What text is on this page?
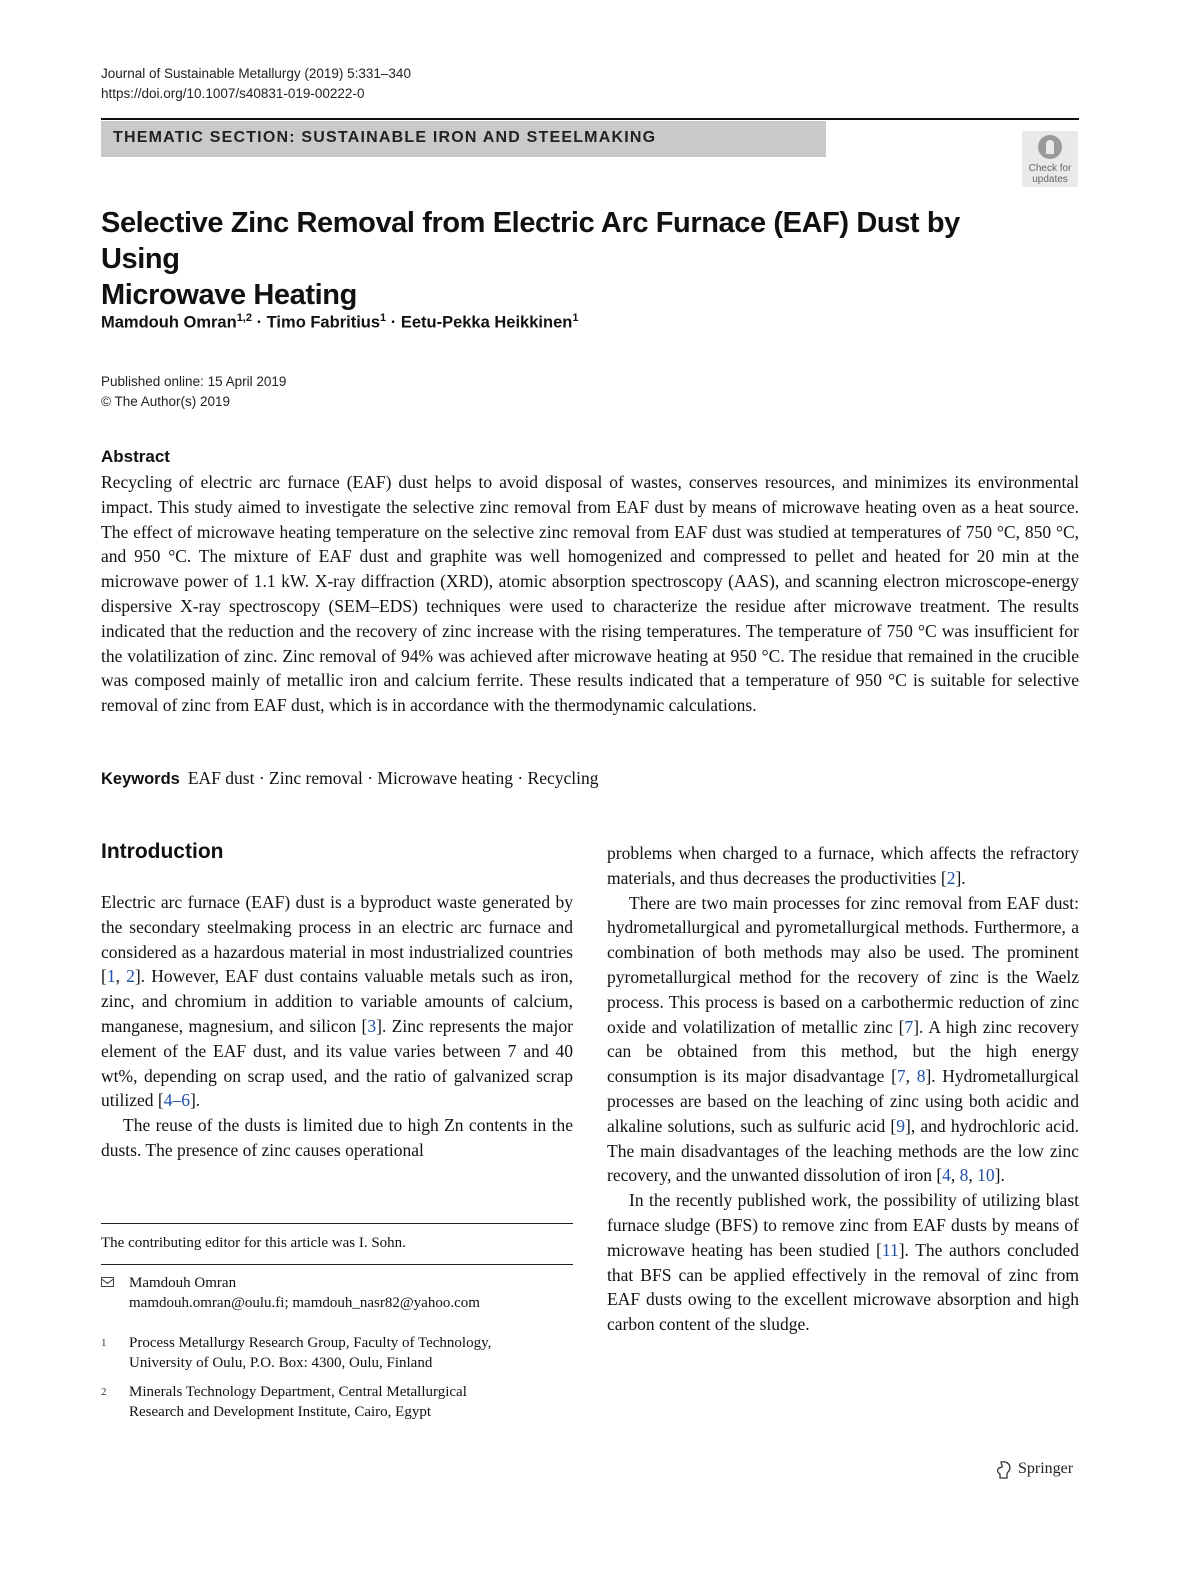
Journal of Sustainable Metallurgy (2019) 5:331–340
https://doi.org/10.1007/s40831-019-00222-0
THEMATIC SECTION: SUSTAINABLE IRON AND STEELMAKING
Check for
updates
Selective Zinc Removal from Electric Arc Furnace (EAF) Dust by Using
Microwave Heating
Mamdouh Omran$^{1,2}$ · Timo Fabritius$^1$ · Eetu-Pekka Heikkinen$^1$
Published online: 15 April 2019
© The Author(s) 2019
Abstract

Recycling of electric arc furnace (EAF) dust helps to avoid disposal of wastes, conserves resources, and minimizes its environmental impact. This study aimed to investigate the selective zinc removal from EAF dust by means of microwave heating oven as a heat source. The effect of microwave heating temperature on the selective zinc removal from EAF dust was studied at temperatures of 750 °C, 850 °C, and 950 °C. The mixture of EAF dust and graphite was well homogenized and compressed to pellet and heated for 20 min at the microwave power of 1.1 kW. X-ray diffraction (XRD), atomic absorption spectroscopy (AAS), and scanning electron microscope-energy dispersive X-ray spectroscopy (SEM–EDS) techniques were used to characterize the residue after microwave treatment. The results indicated that the reduction and the recovery of zinc increase with the rising temperatures. The temperature of 750 °C was insufficient for the volatilization of zinc. Zinc removal of 94% was achieved after microwave heating at 950 °C. The residue that remained in the crucible was composed mainly of metallic iron and calcium ferrite. These results indicated that a temperature of 950 °C is suitable for selective removal of zinc from EAF dust, which is in accordance with the thermodynamic calculations.

Keywords EAF dust · Zinc removal · Microwave heating · Recycling
Introduction

Electric arc furnace (EAF) dust is a byproduct waste generated by the secondary steelmaking process in an electric arc furnace and considered as a hazardous material in most industrialized countries [1, 2]. However, EAF dust contains valuable metals such as iron, zinc, and chromium in addition to variable amounts of calcium, manganese, magnesium, and silicon [3]. Zinc represents the major element of the EAF dust, and its value varies between 7 and 40 wt%, depending on scrap used, and the ratio of galvanized scrap utilized [4–6].

The reuse of the dusts is limited due to high Zn contents in the dusts. The presence of zinc causes operational

problems when charged to a furnace, which affects the refractory materials, and thus decreases the productivities [2].

There are two main processes for zinc removal from EAF dust: hydrometallurgical and pyrometallurgical methods. Furthermore, a combination of both methods may also be used. The prominent pyrometallurgical method for the recovery of zinc is the Waelz process. This process is based on a carbothermic reduction of zinc oxide and volatilization of metallic zinc [7]. A high zinc recovery can be obtained from this method, but the high energy consumption is its major disadvantage [7, 8]. Hydrometallurgical processes are based on the leaching of zinc using both acidic and alkaline solutions, such as sulfuric acid [9], and hydrochloric acid. The main disadvantages of the leaching methods are the low zinc recovery, and the unwanted dissolution of iron [4, 8, 10].

In the recently published work, the possibility of utilizing blast furnace sludge (BFS) to remove zinc from EAF dusts by means of microwave heating has been studied [11]. The authors concluded that BFS can be applied effectively in the removal of zinc from EAF dusts owing to the excellent microwave absorption and high carbon content of the sludge.

The contributing editor for this article was I. Sohn.
Mamdouh Omran
mamdouh.omran@oulu.fi; mamdouh_nasr82@yahoo.com
1 Process Metallurgy Research Group, Faculty of Technology,
University of Oulu, P.O. Box: 4300, Oulu, Finland
2 Minerals Technology Department, Central Metallurgical
Research and Development Institute, Cairo, Egypt
Springer
